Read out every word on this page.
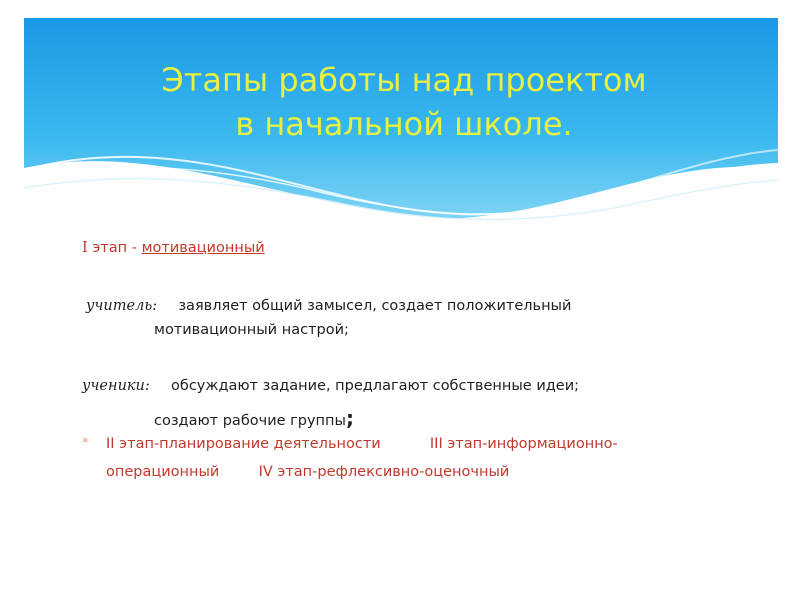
Этапы работы над проектом
в начальной школе.
I этап - мотивационный
учитель: заявляет общий замысел, создает положительный
мотивационный настрой;
ученики: обсуждают задание, предлагают собственные идеи;
создают рабочие группы;
* II этап-планирование деятельности	III этап-информационно-
операционный	IV этап-рефлексивно-оценочный
